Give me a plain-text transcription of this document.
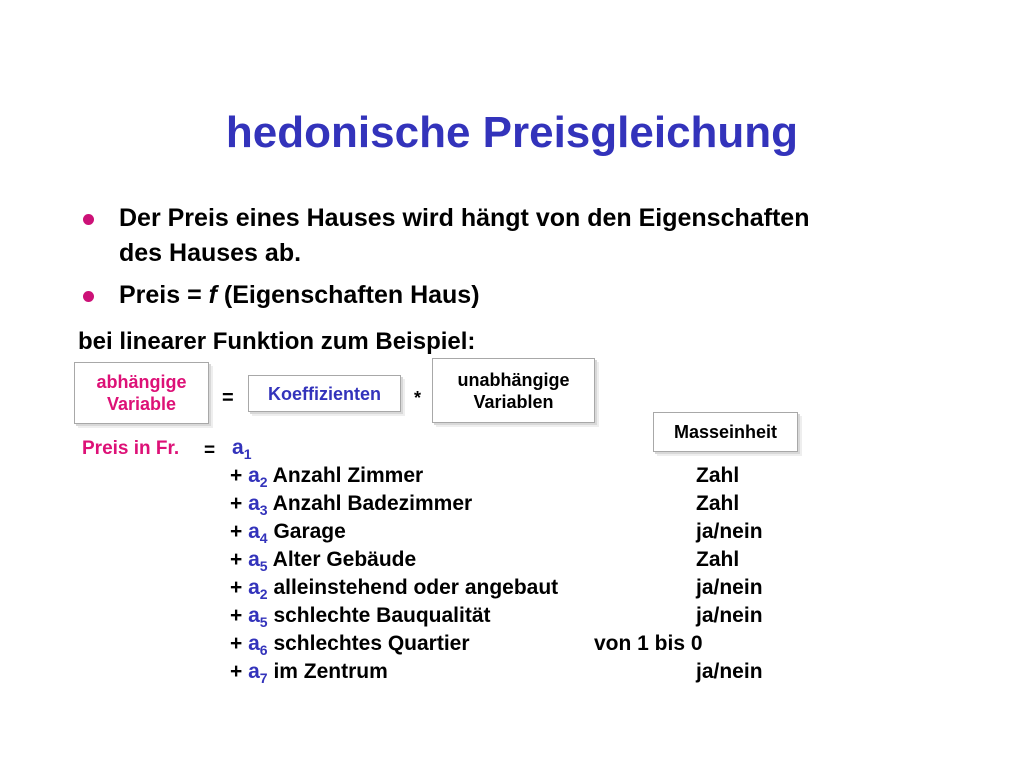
hedonische Preisgleichung
Der Preis eines Hauses wird hängt von den Eigenschaften
des Hauses ab.
Preis = f (Eigenschaften Haus)
bei linearer Funktion zum Beispiel:
abhängige
Variable	= Koeffizienten *
unabhängige
Variablen
Masseinheit
Preis in Fr. = $a_1$
+ $a_2$ Anzahl Zimmer
+ $a_3$ Anzahl Badezimmer
+ $a_4$ Garage
+ $a_5$ Alter Gebäude
+ $a_2$ alleinstehend oder angebaut
+ $a_5$ schlechte Bauqualität
+ $a_6$ schlechtes Quartier
+ $a_7$ im Zentrum
Zahl
Zahl
ja/nein
Zahl
ja/nein
ja/nein
von 1 bis 0
ja/nein
